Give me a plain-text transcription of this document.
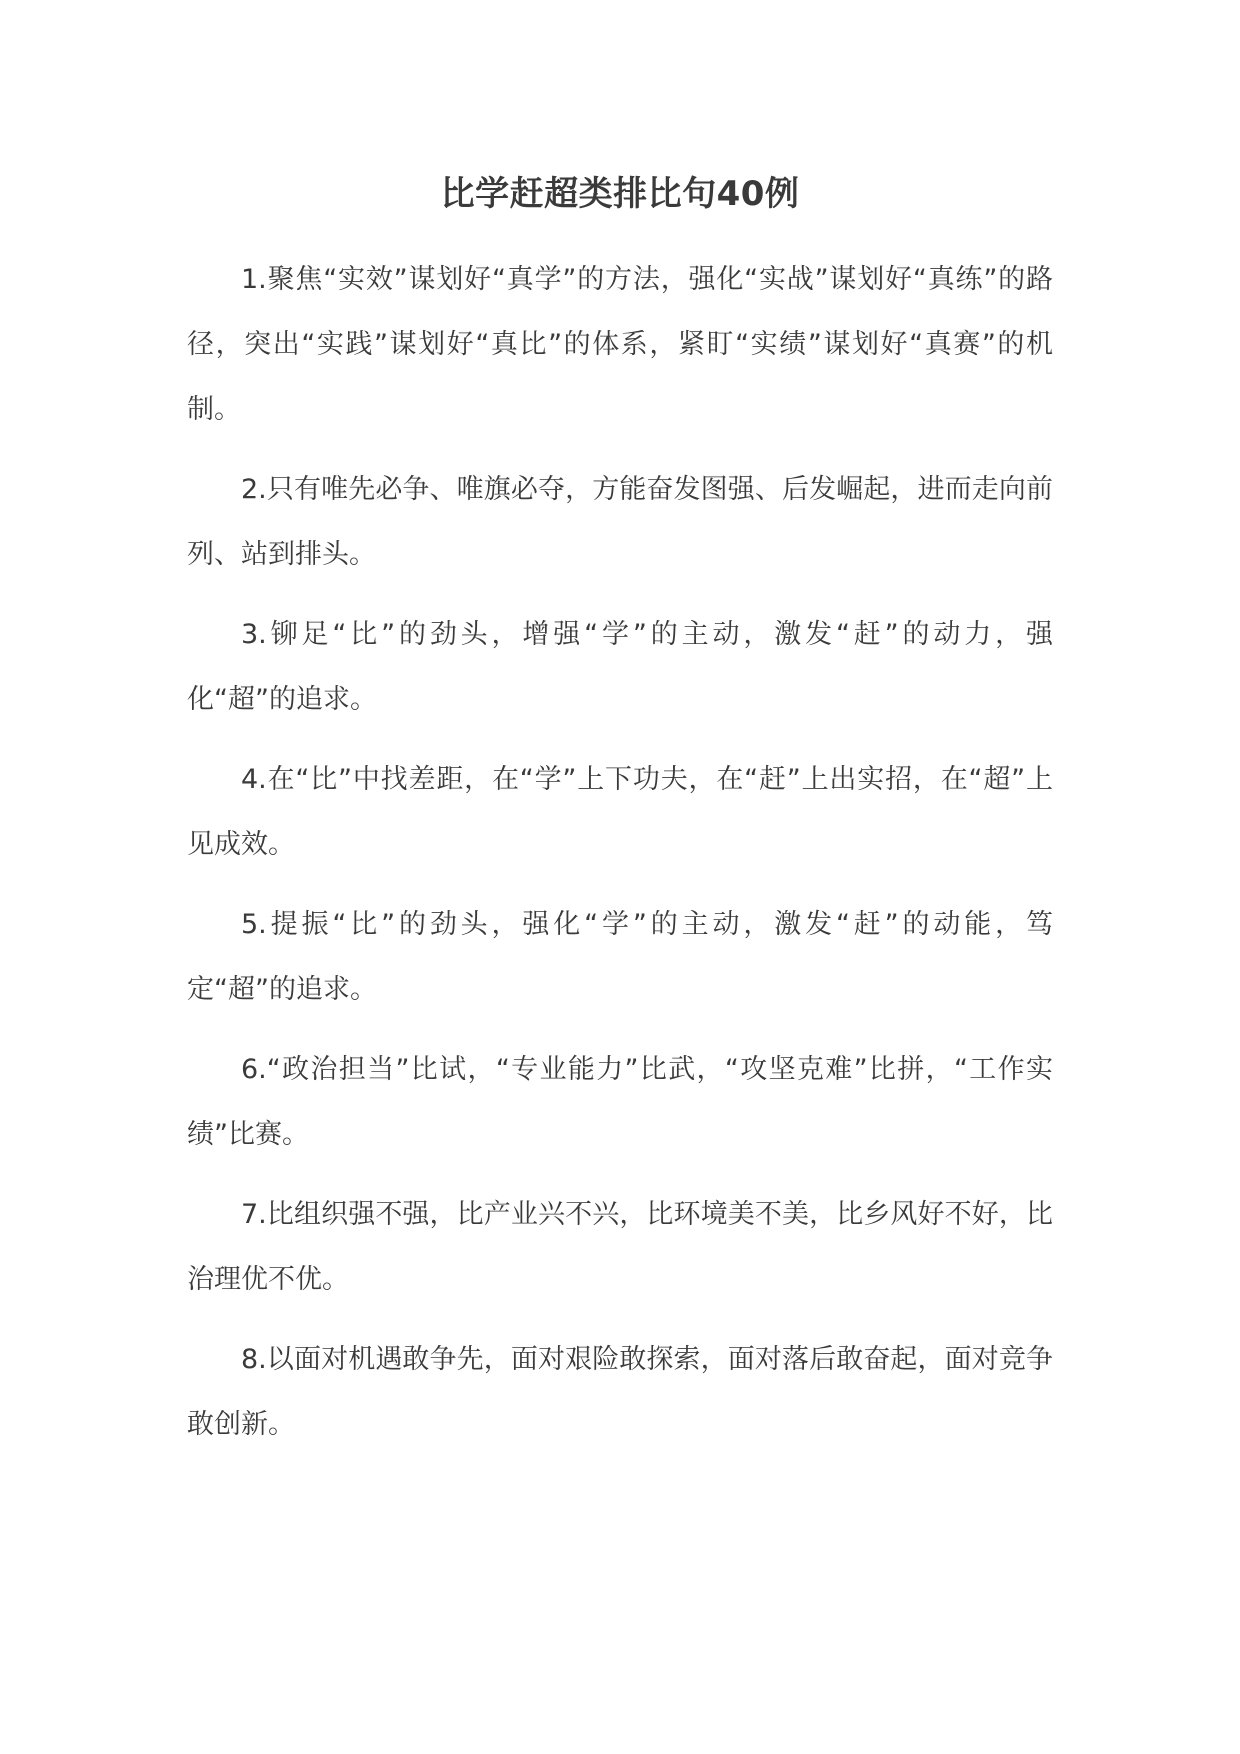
比学赶超类排比句40例

1.聚焦“实效”谋划好“真学”的方法，强化“实战”谋划好“真练”的路径，突出“实践”谋划好“真比”的体系，紧盯“实绩”谋划好“真赛”的机制。

2.只有唯先必争、唯旗必夺，方能奋发图强、后发崛起，进而走向前列、站到排头。

3.铆足“比”的劲头，增强“学”的主动，激发“赶”的动力，强化“超”的追求。

4.在“比”中找差距，在“学”上下功夫，在“赶”上出实招，在“超”上见成效。

5.提振“比”的劲头，强化“学”的主动，激发“赶”的动能，笃定“超”的追求。

6.“政治担当”比试，“专业能力”比武，“攻坚克难”比拼，“工作实绩”比赛。

7.比组织强不强，比产业兴不兴，比环境美不美，比乡风好不好，比治理优不优。

8.以面对机遇敢争先，面对艰险敢探索，面对落后敢奋起，面对竞争敢创新。
